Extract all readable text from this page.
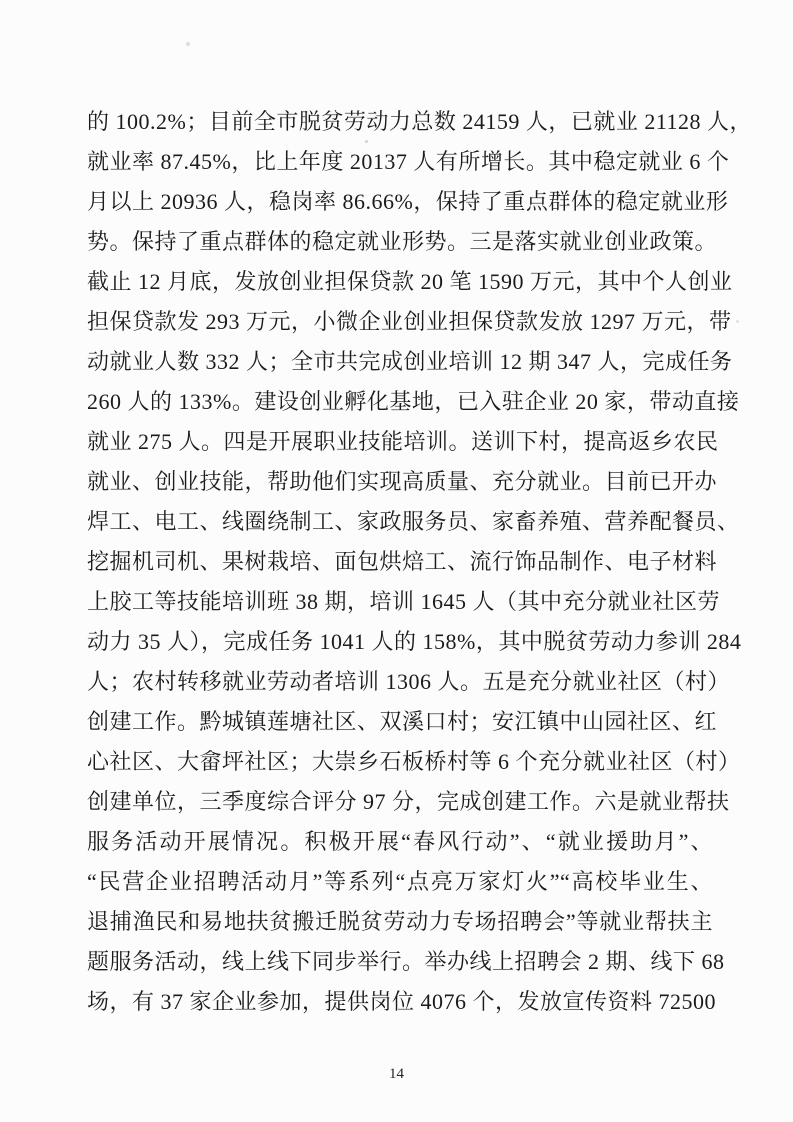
的 100.2%；目前全市脱贫劳动力总数 24159 人，已就业 21128 人，
就业率 87.45%，比上年度 20137 人有所增长。其中稳定就业 6 个
月以上 20936 人，稳岗率 86.66%，保持了重点群体的稳定就业形
势。保持了重点群体的稳定就业形势。三是落实就业创业政策。
截止 12 月底，发放创业担保贷款 20 笔 1590 万元，其中个人创业
担保贷款发 293 万元，小微企业创业担保贷款发放 1297 万元，带
动就业人数 332 人；全市共完成创业培训 12 期 347 人，完成任务
260 人的 133%。建设创业孵化基地，已入驻企业 20 家，带动直接
就业 275 人。四是开展职业技能培训。送训下村，提高返乡农民
就业、创业技能，帮助他们实现高质量、充分就业。目前已开办
焊工、电工、线圈绕制工、家政服务员、家畜养殖、营养配餐员、
挖掘机司机、果树栽培、面包烘焙工、流行饰品制作、电子材料
上胶工等技能培训班 38 期，培训 1645 人（其中充分就业社区劳
动力 35 人），完成任务 1041 人的 158%，其中脱贫劳动力参训 284
人；农村转移就业劳动者培训 1306 人。五是充分就业社区（村）
创建工作。黔城镇莲塘社区、双溪口村；安江镇中山园社区、红
心社区、大畲坪社区；大崇乡石板桥村等 6 个充分就业社区（村）
创建单位，三季度综合评分 97 分，完成创建工作。六是就业帮扶
服务活动开展情况。积极开展“春风行动”、“就业援助月”、
“民营企业招聘活动月”等系列“点亮万家灯火”“高校毕业生、
退捕渔民和易地扶贫搬迁脱贫劳动力专场招聘会”等就业帮扶主
题服务活动，线上线下同步举行。举办线上招聘会 2 期、线下 68
场，有 37 家企业参加，提供岗位 4076 个，发放宣传资料 72500
14
